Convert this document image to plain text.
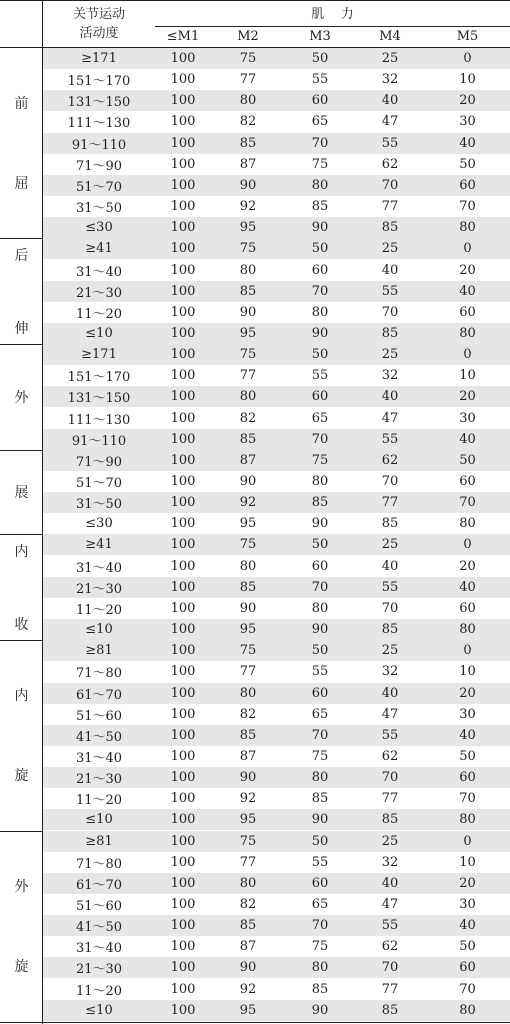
关节运动
活动度
肌    力
≤M1	M2	M3	M4	M5
前
屈
≥171	100	75	50	25	0
151～170	100	77	55	32	10
131～150	100	80	60	40	20
111～130	100	82	65	47	30
91～110	100	85	70	55	40
71～90	100	87	75	62	50
51～70	100	90	80	70	60
31～50	100	92	85	77	70
≤30	100	95	90	85	80
后
伸
≥41	100	75	50	25	0
31～40	100	80	60	40	20
21～30	100	85	70	55	40
11～20	100	90	80	70	60
≤10	100	95	90	85	80
外
≥171	100	75	50	25	0
151～170	100	77	55	32	10
131～150	100	80	60	40	20
111～130	100	82	65	47	30
91～110	100	85	70	55	40
展
71～90	100	87	75	62	50
51～70	100	90	80	70	60
31～50	100	92	85	77	70
≤30	100	95	90	85	80
内
收
≥41	100	75	50	25	0
31～40	100	80	60	40	20
21～30	100	85	70	55	40
11～20	100	90	80	70	60
≤10	100	95	90	85	80
内
旋
≥81	100	75	50	25	0
71～80	100	77	55	32	10
61～70	100	80	60	40	20
51～60	100	82	65	47	30
41～50	100	85	70	55	40
31～40	100	87	75	62	50
21～30	100	90	80	70	60
11～20	100	92	85	77	70
≤10	100	95	90	85	80
外
旋
≥81	100	75	50	25	0
71～80	100	77	55	32	10
61～70	100	80	60	40	20
51～60	100	82	65	47	30
41～50	100	85	70	55	40
31～40	100	87	75	62	50
21～30	100	90	80	70	60
11～20	100	92	85	77	70
≤10	100	95	90	85	80
